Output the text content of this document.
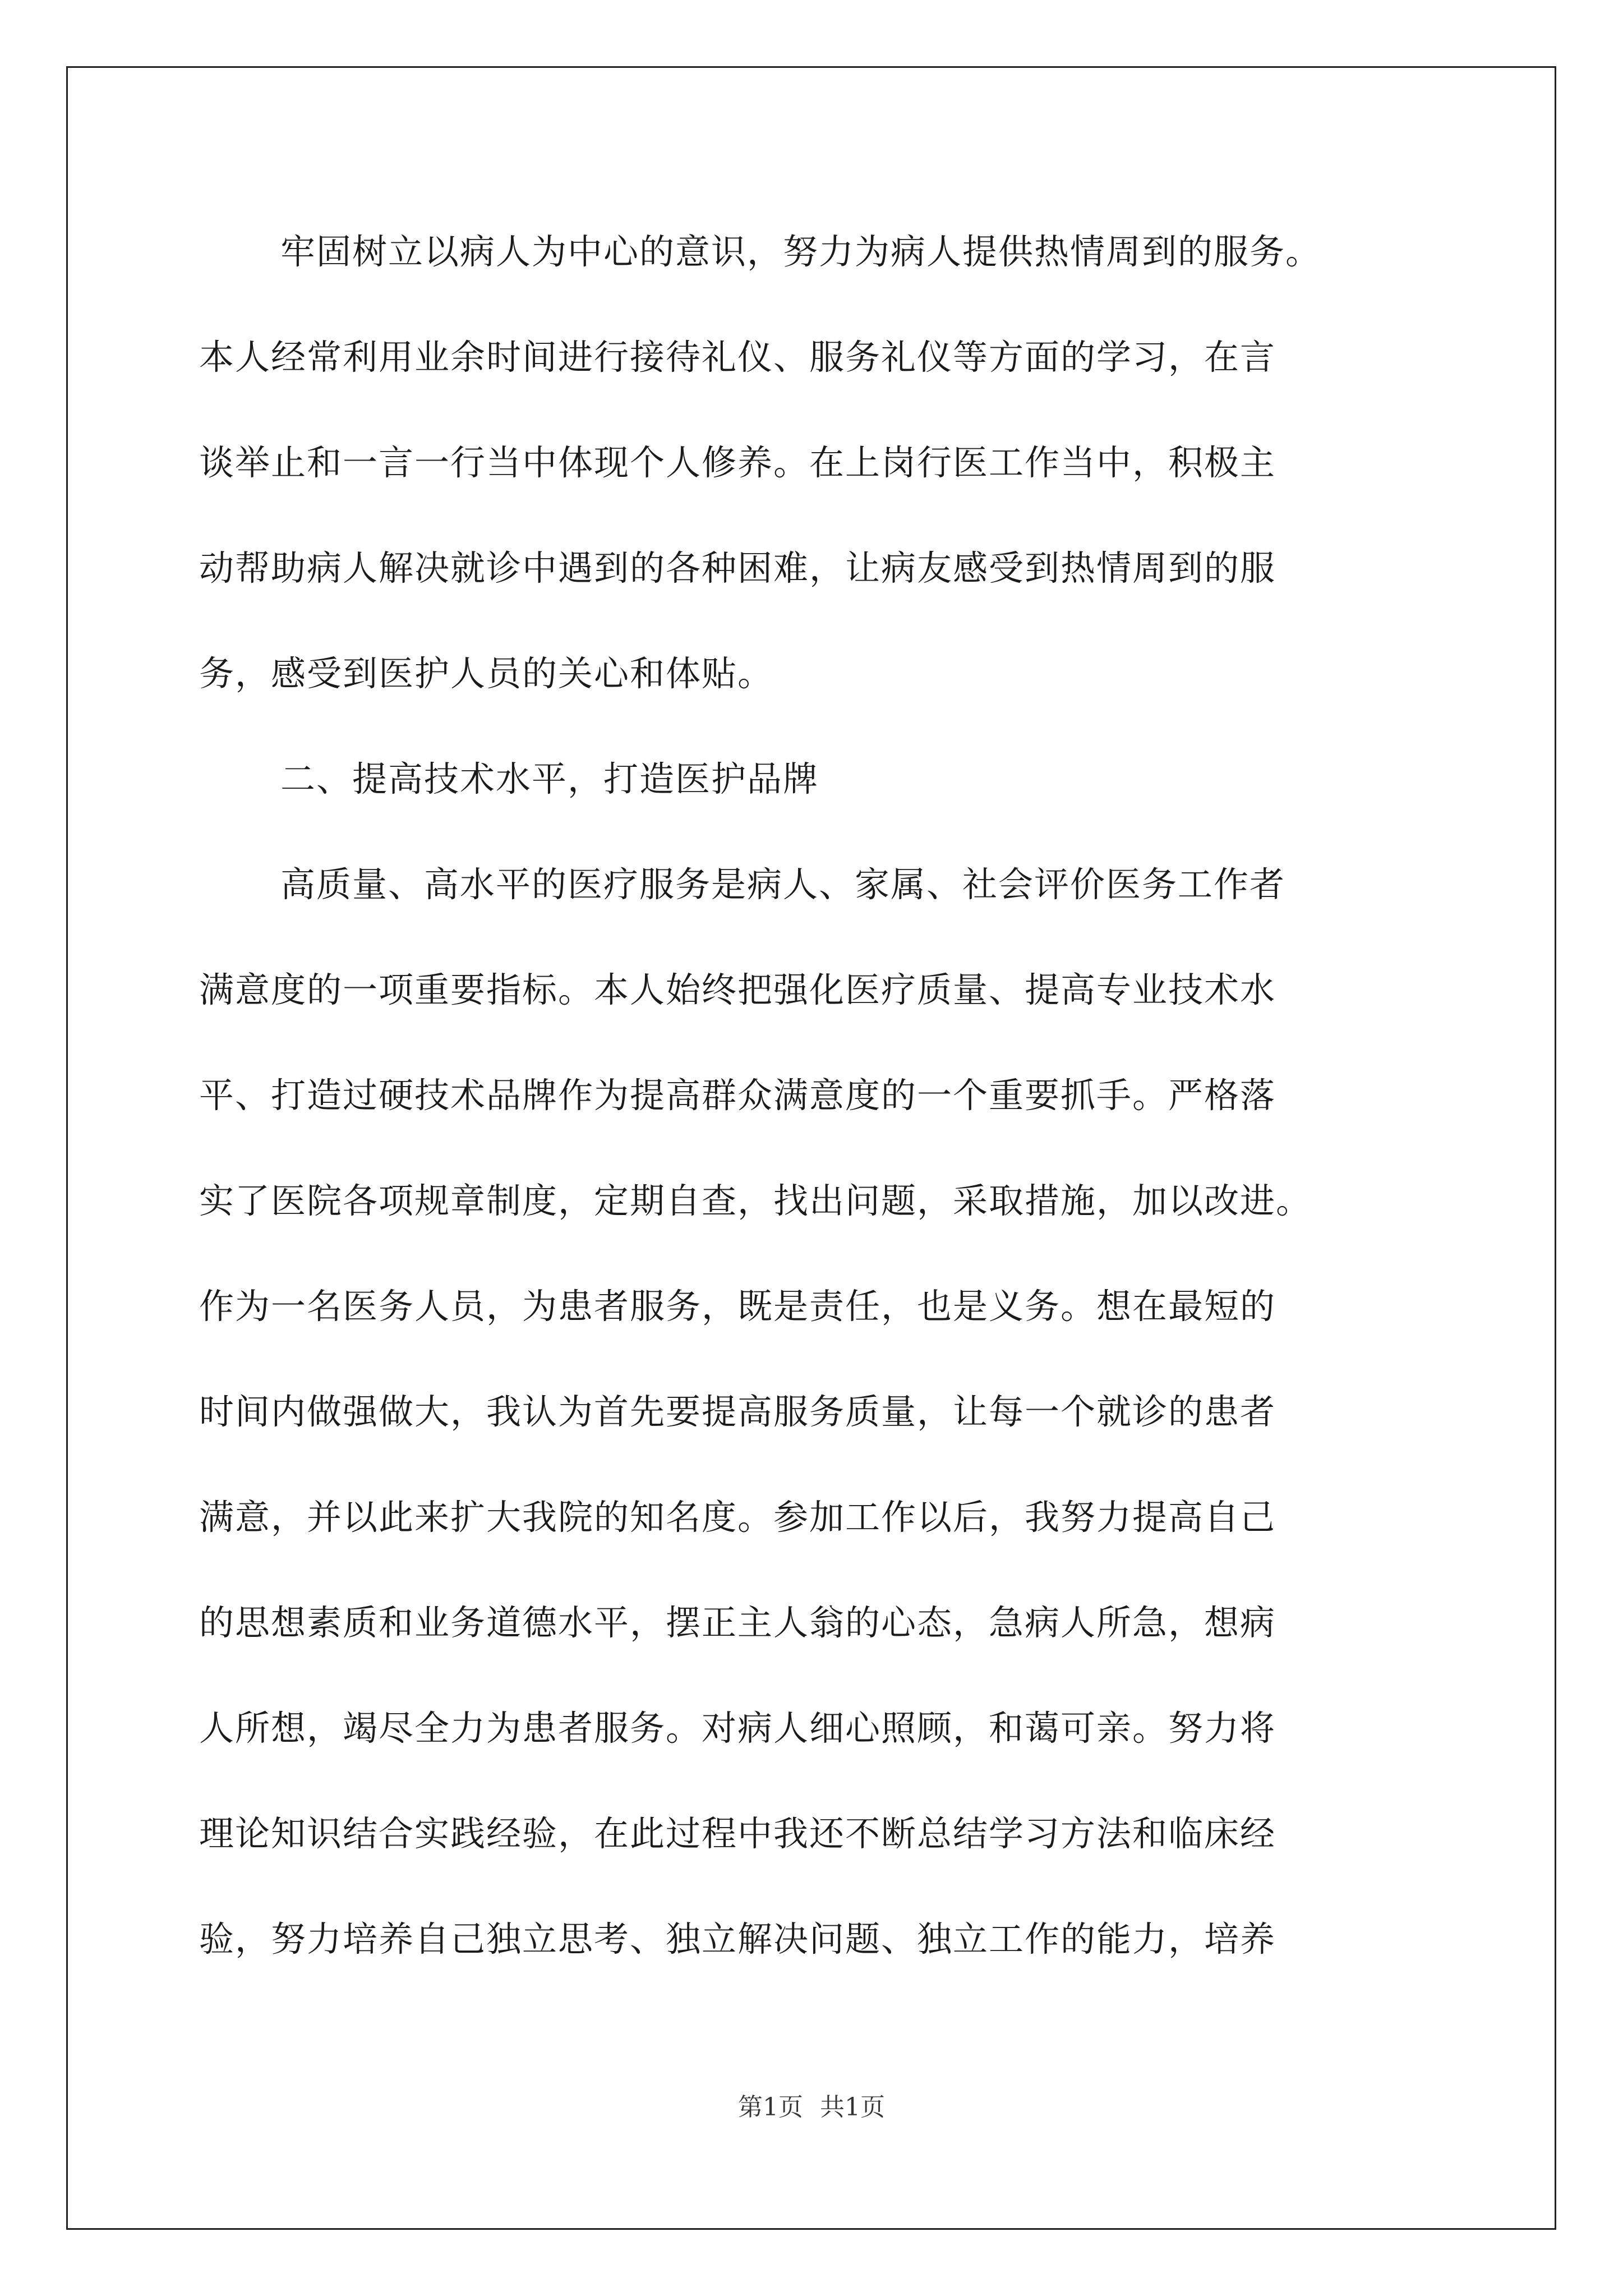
牢固树立以病人为中心的意识，努力为病人提供热情周到的服务。
本人经常利用业余时间进行接待礼仪、服务礼仪等方面的学习，在言
谈举止和一言一行当中体现个人修养。在上岗行医工作当中，积极主
动帮助病人解决就诊中遇到的各种困难，让病友感受到热情周到的服
务，感受到医护人员的关心和体贴。
二、提高技术水平，打造医护品牌
高质量、高水平的医疗服务是病人、家属、社会评价医务工作者
满意度的一项重要指标。本人始终把强化医疗质量、提高专业技术水
平、打造过硬技术品牌作为提高群众满意度的一个重要抓手。严格落
实了医院各项规章制度，定期自查，找出问题，采取措施，加以改进。
作为一名医务人员，为患者服务，既是责任，也是义务。想在最短的
时间内做强做大，我认为首先要提高服务质量，让每一个就诊的患者
满意，并以此来扩大我院的知名度。参加工作以后，我努力提高自己
的思想素质和业务道德水平，摆正主人翁的心态，急病人所急，想病
人所想，竭尽全力为患者服务。对病人细心照顾，和蔼可亲。努力将
理论知识结合实践经验，在此过程中我还不断总结学习方法和临床经
验，努力培养自己独立思考、独立解决问题、独立工作的能力，培养
第1页 共1页
